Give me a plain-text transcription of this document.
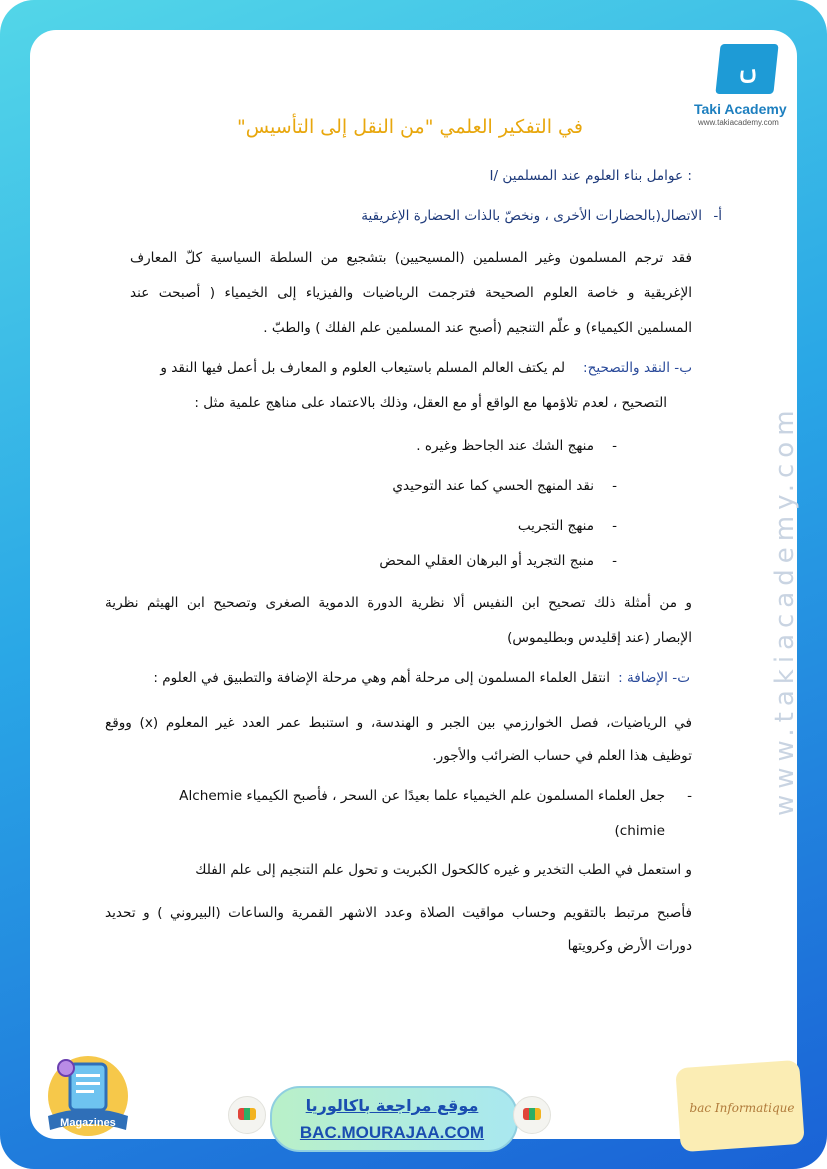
ࢽ
Taki Academy
www.takiacademy.com
في التفكير العلمي "من النقل إلى التأسيس"
I/ عوامل بناء العلوم عند المسلمين :
أ-
الاتصال(بالحضارات الأخرى ، ونخصّ بالذات الحضارة الإغريقية
فقد ترجم المسلمون وغير المسلمين (المسيحيين) بتشجيع من السلطة السياسية كلّ المعارف
الإغريقية و خاصة العلوم الصحيحة فترجمت الرياضيات والفيزياء إلى الخيمياء ( أصبحت عند
المسلمين الكيمياء) و علّم التنجيم (أصبح عند المسلمين علم الفلك ) والطبّ .
ب- النقد والتصحيح:
لم يكتف العالم المسلم باستيعاب العلوم و المعارف بل أعمل فيها النقد و
التصحيح ، لعدم تلاؤمها مع الواقع أو مع العقل، وذلك بالاعتماد على مناهج علمية مثل :
-
منهج الشك عند الجاحظ وغيره .
-
نقد المنهج الحسي كما عند التوحيدي
-
منهج التجريب
-
منبج التجريد أو البرهان العقلي المحض
و من أمثلة ذلك تصحيح ابن النفيس ألا نظرية الدورة الدموية الصغرى وتصحيح ابن الهيثم نظرية
الإبصار (عند إقليدس وبطليموس)
ت- الإضافة :
انتقل العلماء المسلمون إلى مرحلة أهم وهي مرحلة الإضافة والتطبيق في العلوم :
في الرياضيات، فصل الخوارزمي بين الجبر و الهندسة، و استنبط عمر العدد غير المعلوم (x) ووقع
توظيف هذا العلم في حساب الضرائب والأجور.
-
جعل العلماء المسلمون علم الخيمياء علما بعيدًا عن السحر ، فأصبح الكيمياء Alchemie
(chimie
و استعمل في الطب التخدير و غيره كالكحول الكبريت و تحول علم التنجيم إلى علم الفلك
فأصبح مرتبط بالتقويم وحساب مواقيت الصلاة وعدد الاشهر القمرية والساعات (البيروني ) و تحديد
دورات الأرض وكرويتها
www.takiacademy.com
Magazines
موقع مراجعة باكالوريا
BAC.MOURAJAA.COM
bac Informatique
